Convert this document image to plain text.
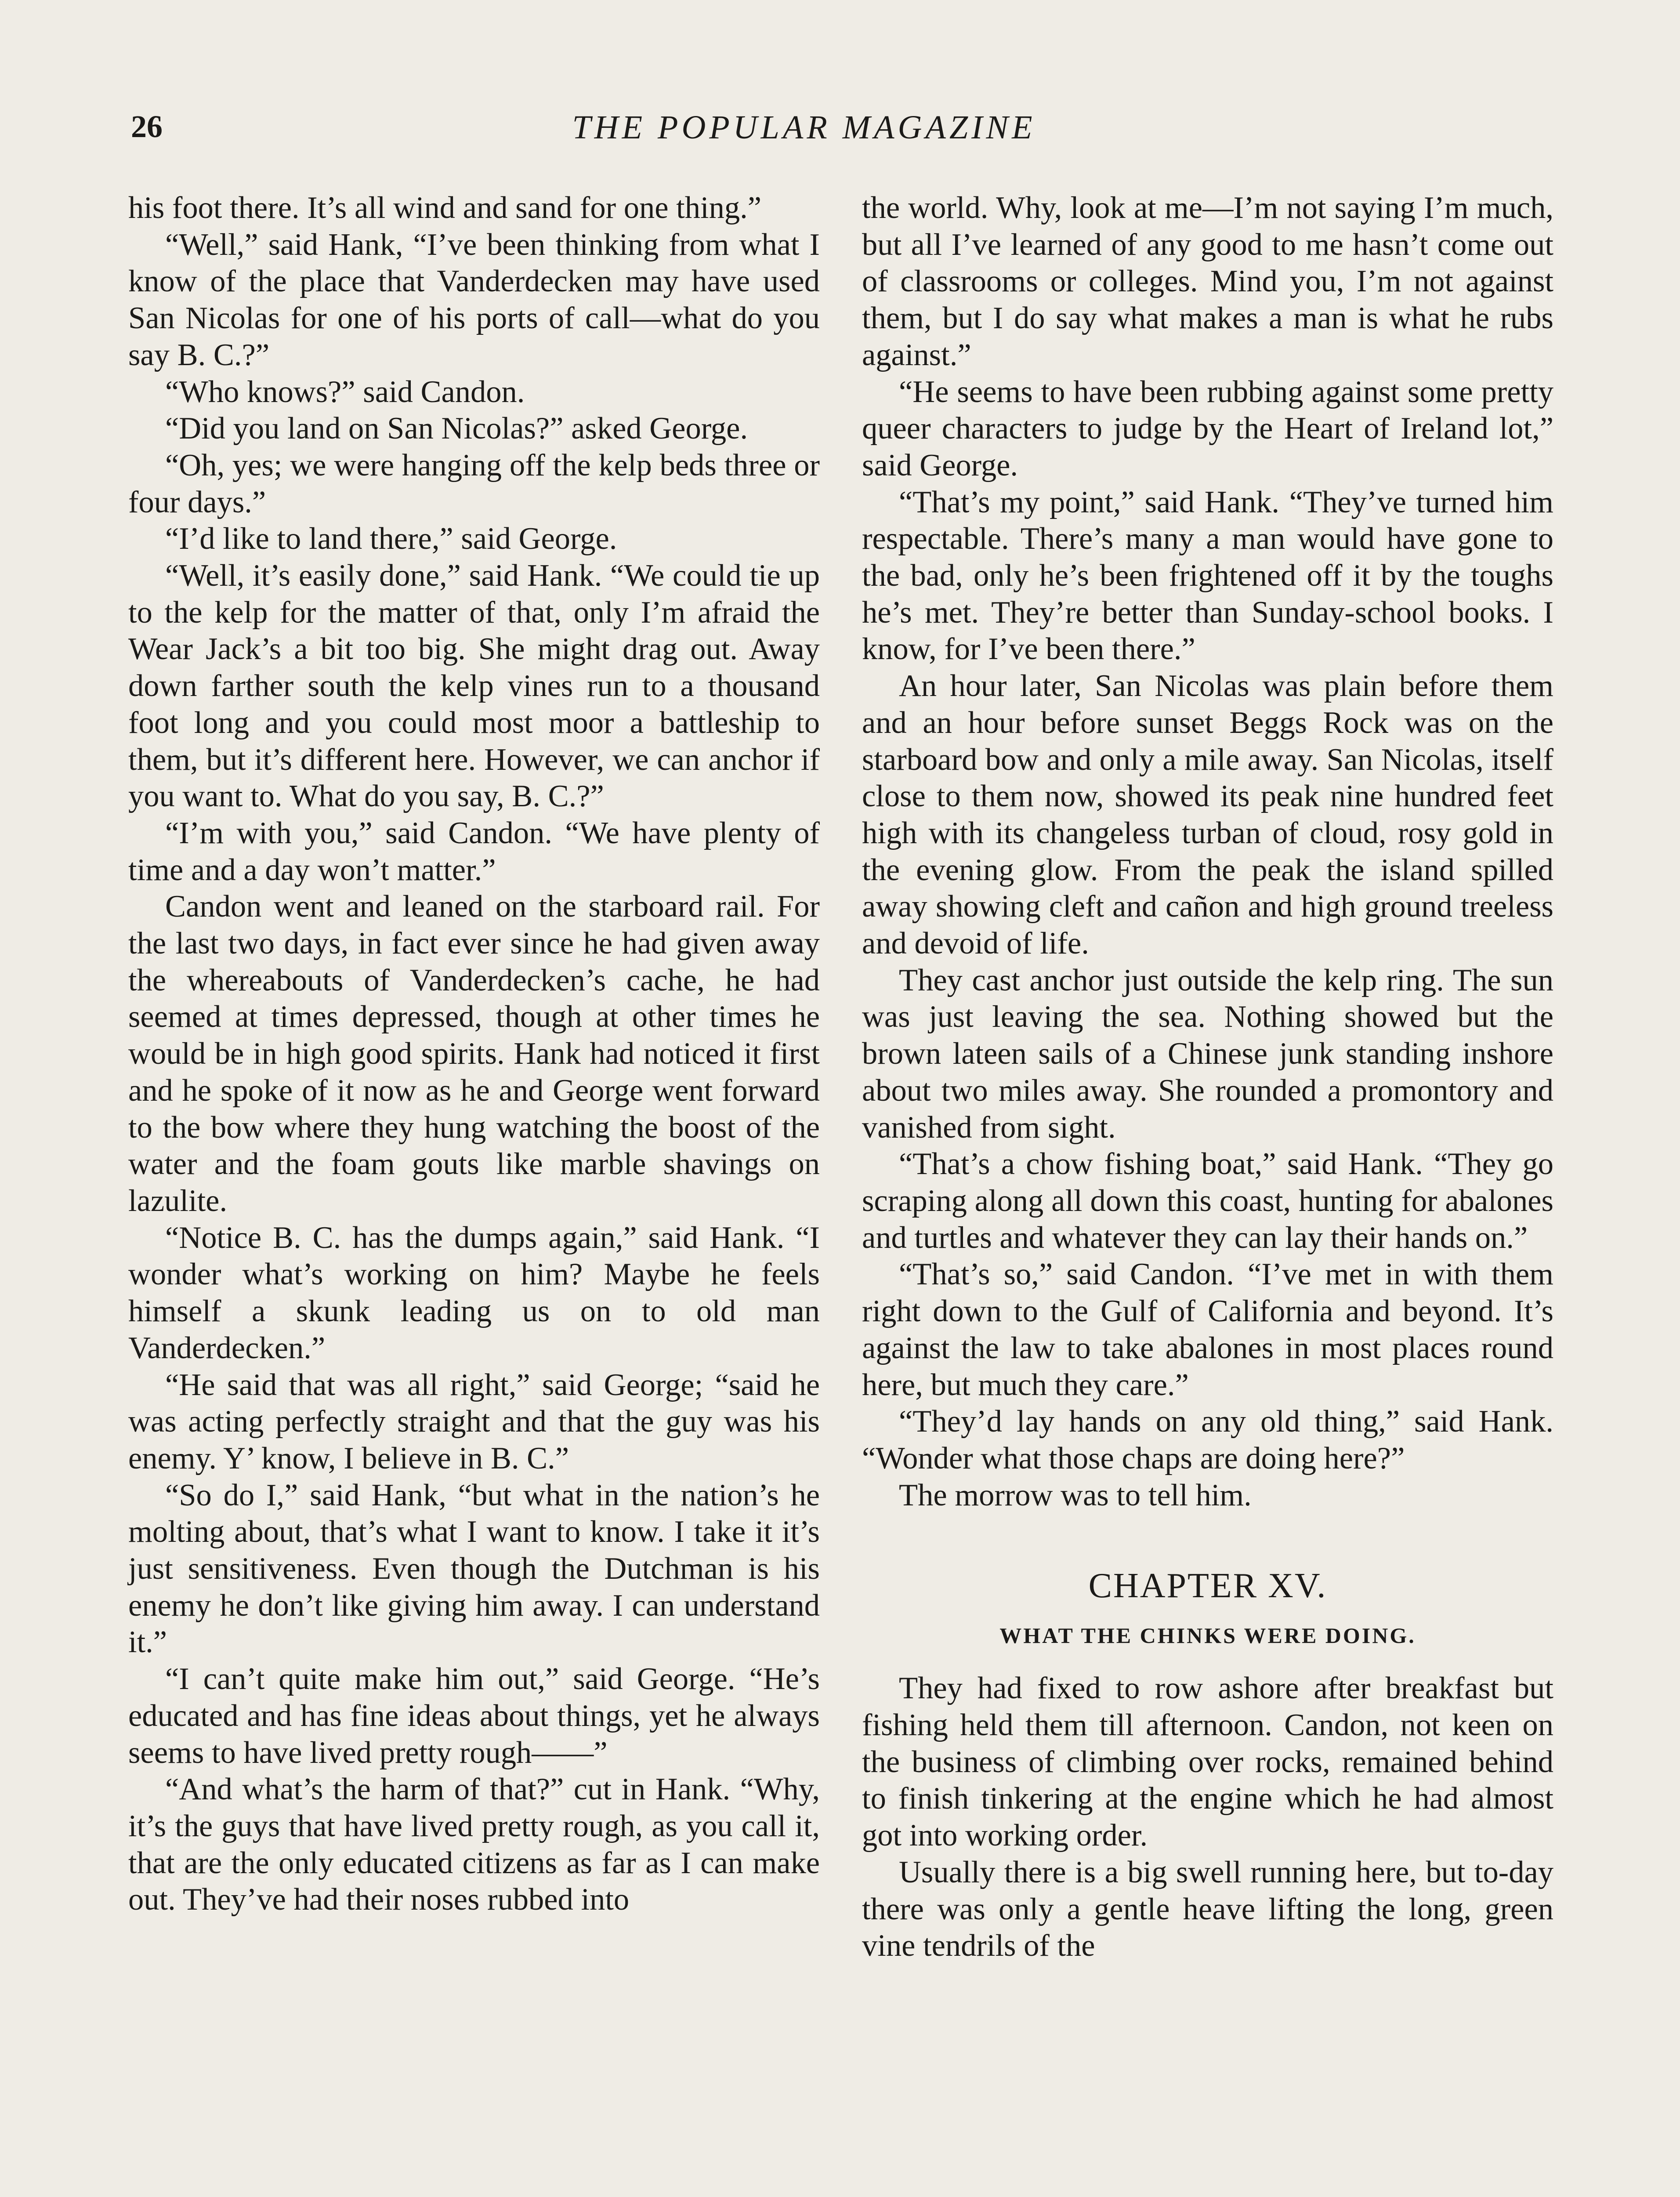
26	THE POPULAR MAGAZINE

his foot there. It’s all wind and sand for one thing.”

“Well,” said Hank, “I’ve been thinking from what I know of the place that Vanderdecken may have used San Nicolas for one of his ports of call—what do you say B. C.?”

“Who knows?” said Candon.

“Did you land on San Nicolas?” asked George.

“Oh, yes; we were hanging off the kelp beds three or four days.”

“I’d like to land there,” said George.

“Well, it’s easily done,” said Hank. “We could tie up to the kelp for the matter of that, only I’m afraid the Wear Jack’s a bit too big. She might drag out. Away down farther south the kelp vines run to a thousand foot long and you could most moor a battleship to them, but it’s different here. However, we can anchor if you want to. What do you say, B. C.?”

“I’m with you,” said Candon. “We have plenty of time and a day won’t matter.”

Candon went and leaned on the starboard rail. For the last two days, in fact ever since he had given away the whereabouts of Vanderdecken’s cache, he had seemed at times depressed, though at other times he would be in high good spirits. Hank had noticed it first and he spoke of it now as he and George went forward to the bow where they hung watching the boost of the water and the foam gouts like marble shavings on lazulite.

“Notice B. C. has the dumps again,” said Hank. “I wonder what’s working on him? Maybe he feels himself a skunk leading us on to old man Vanderdecken.”

“He said that was all right,” said George; “said he was acting perfectly straight and that the guy was his enemy. Y’ know, I believe in B. C.”

“So do I,” said Hank, “but what in the nation’s he molting about, that’s what I want to know. I take it it’s just sensitiveness. Even though the Dutchman is his enemy he don’t like giving him away. I can understand it.”

“I can’t quite make him out,” said George. “He’s educated and has fine ideas about things, yet he always seems to have lived pretty rough——”

“And what’s the harm of that?” cut in Hank. “Why, it’s the guys that have lived pretty rough, as you call it, that are the only educated citizens as far as I can make out. They’ve had their noses rubbed into

the world. Why, look at me—I’m not saying I’m much, but all I’ve learned of any good to me hasn’t come out of classrooms or colleges. Mind you, I’m not against them, but I do say what makes a man is what he rubs against.”

“He seems to have been rubbing against some pretty queer characters to judge by the Heart of Ireland lot,” said George.

“That’s my point,” said Hank. “They’ve turned him respectable. There’s many a man would have gone to the bad, only he’s been frightened off it by the toughs he’s met. They’re better than Sunday-school books. I know, for I’ve been there.”

An hour later, San Nicolas was plain before them and an hour before sunset Beggs Rock was on the starboard bow and only a mile away. San Nicolas, itself close to them now, showed its peak nine hundred feet high with its changeless turban of cloud, rosy gold in the evening glow. From the peak the island spilled away showing cleft and cañon and high ground treeless and devoid of life.

They cast anchor just outside the kelp ring. The sun was just leaving the sea. Nothing showed but the brown lateen sails of a Chinese junk standing inshore about two miles away. She rounded a promontory and vanished from sight.

“That’s a chow fishing boat,” said Hank. “They go scraping along all down this coast, hunting for abalones and turtles and whatever they can lay their hands on.”

“That’s so,” said Candon. “I’ve met in with them right down to the Gulf of California and beyond. It’s against the law to take abalones in most places round here, but much they care.”

“They’d lay hands on any old thing,” said Hank. “Wonder what those chaps are doing here?”

The morrow was to tell him.

CHAPTER XV.
WHAT THE CHINKS WERE DOING.

They had fixed to row ashore after breakfast but fishing held them till afternoon. Candon, not keen on the business of climbing over rocks, remained behind to finish tinkering at the engine which he had almost got into working order.

Usually there is a big swell running here, but to-day there was only a gentle heave lifting the long, green vine tendrils of the
